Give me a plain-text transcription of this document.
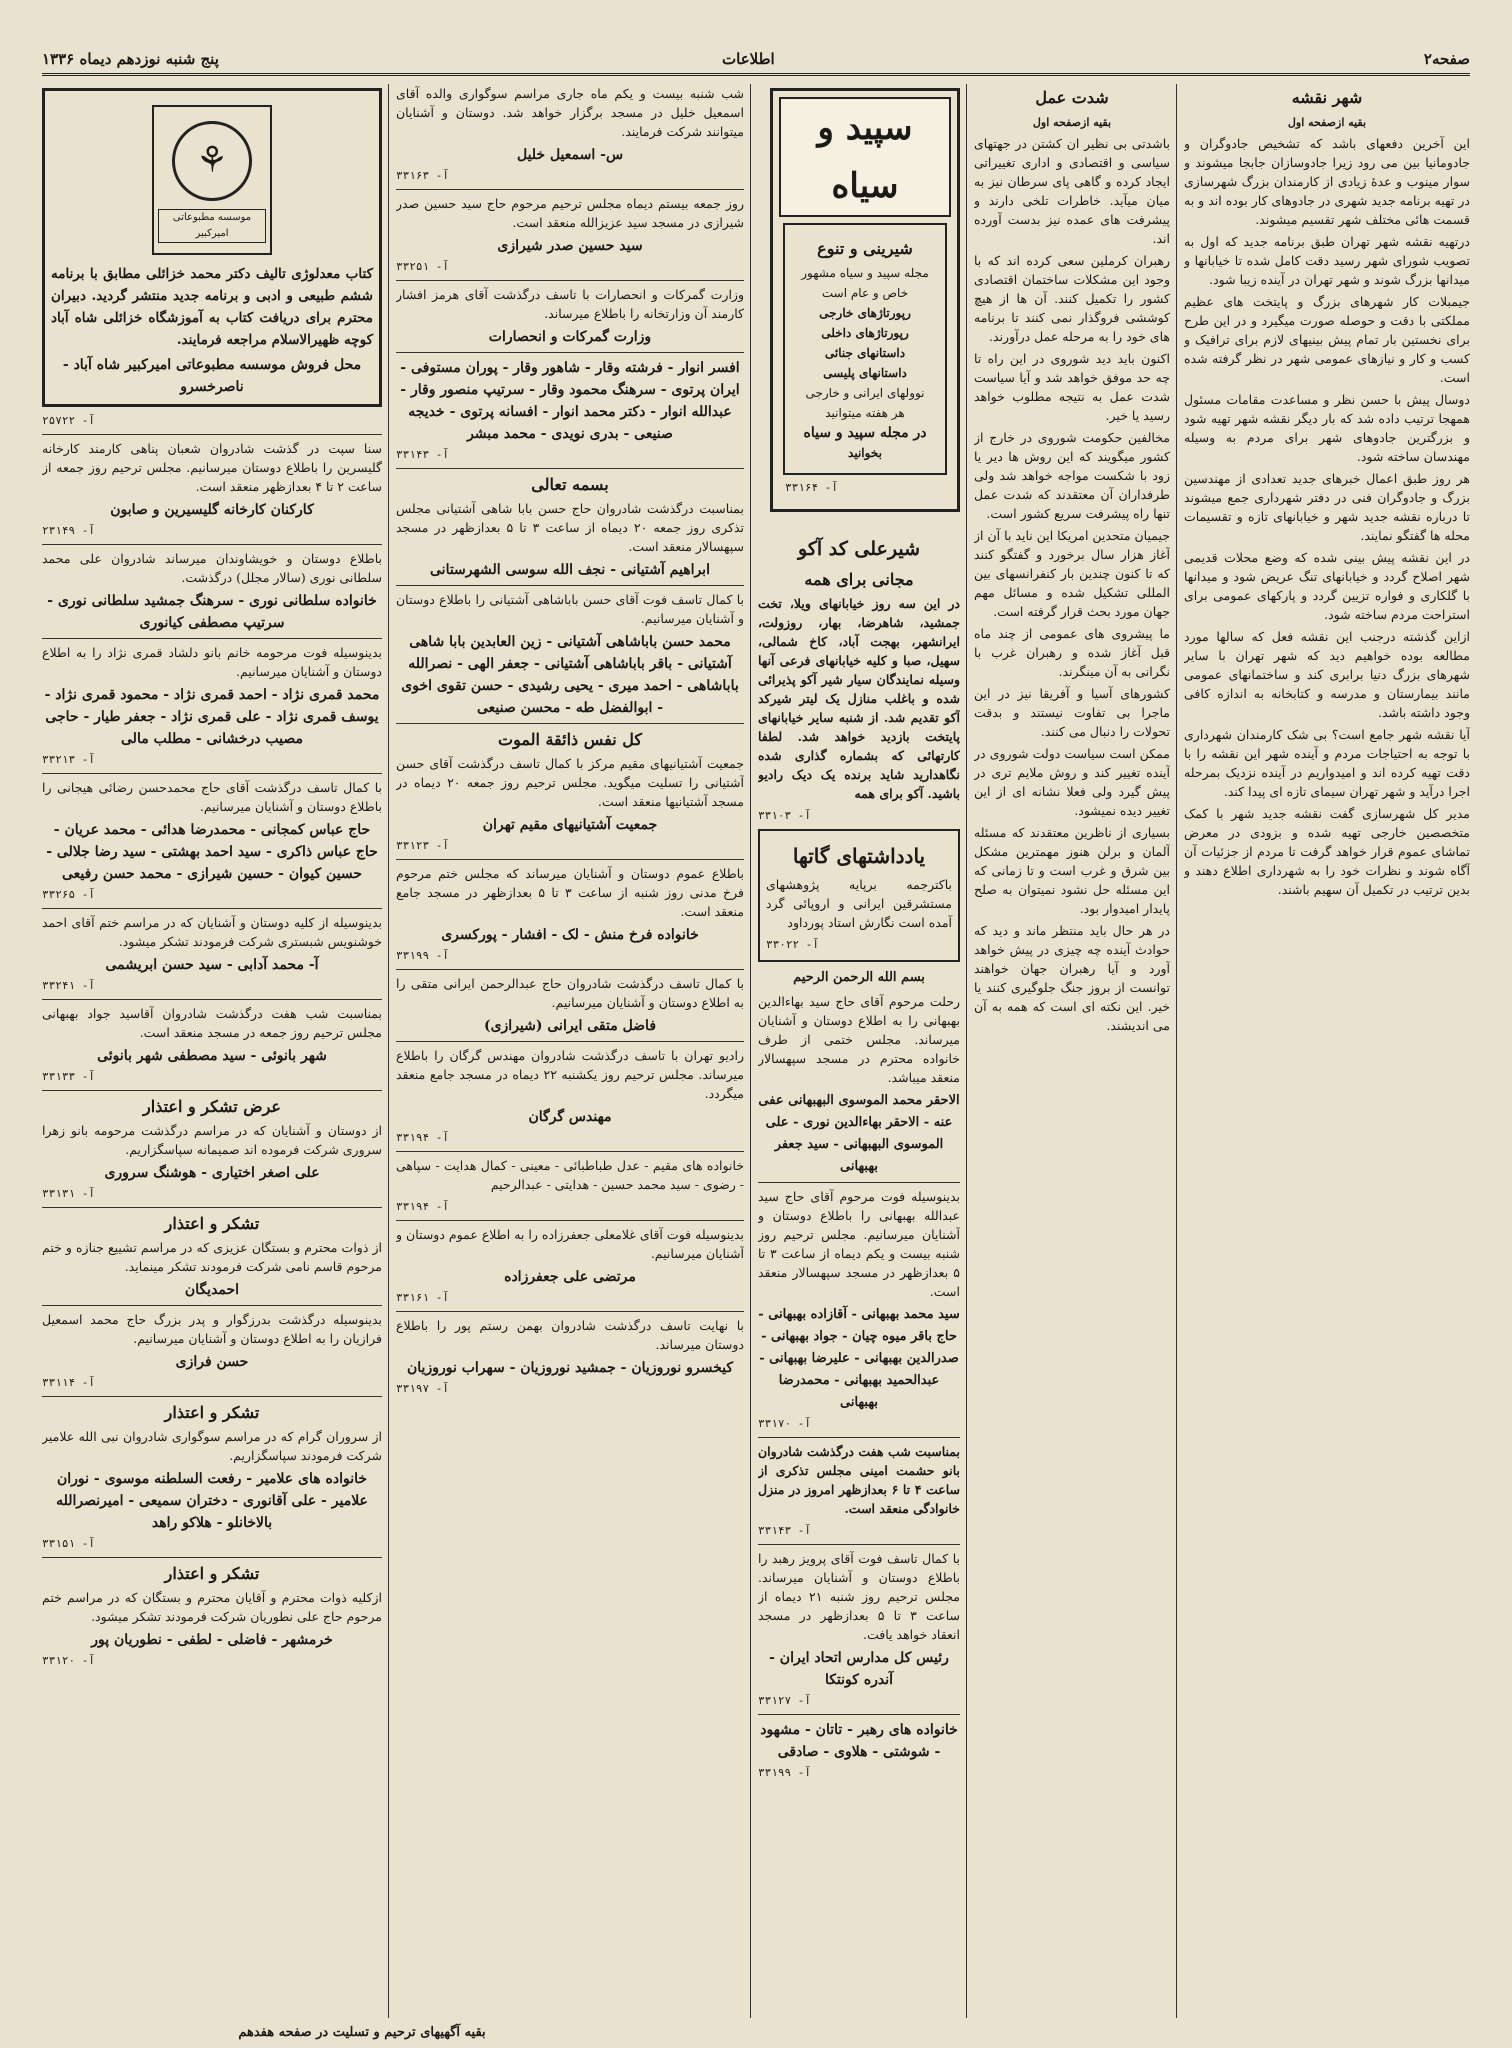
صفحه۲
اطلاعات
پنج شنبه نوزدهم دیماه ۱۳۳۶
شهر نقشه
بقیه ازصفحه اول

این آخرین دفعهای باشد که تشخیص جادوگران و جادومانیا بین می رود زیرا جادوسازان جابجا میشوند و سوار مینوب و عدۀ زیادی از کارمندان بزرگ شهرسازی در تهیه برنامه جدید شهری در جادوهای کار بوده اند و به قسمت هائی مختلف شهر تقسیم میشوند.

درتهیه نقشه شهر تهران طبق برنامه جدید که اول به تصویب شورای شهر رسید دقت کامل شده تا خیابانها و میدانها بزرگ شوند و شهر تهران در آینده زیبا شود.

جیمبلات کار شهرهای بزرگ و پایتخت های عظیم مملکتی با دقت و حوصله صورت میگیرد و در این طرح برای نخستین بار تمام پیش بینیهای لازم برای ترافیک و کسب و کار و نیازهای عمومی شهر در نظر گرفته شده است.

دوسال پیش با حسن نظر و مساعدت مقامات مسئول همهجا ترتیب داده شد که بار دیگر نقشه شهر تهیه شود و بزرگترین جادوهای شهر برای مردم به وسیله مهندسان ساخته شود.

هر روز طبق اعمال خبرهای جدید تعدادی از مهندسین بزرگ و جادوگران فنی در دفتر شهرداری جمع میشوند تا درباره نقشه جدید شهر و خیابانهای تازه و تقسیمات محله ها گفتگو نمایند.

در این نقشه پیش بینی شده که وضع محلات قدیمی شهر اصلاح گردد و خیابانهای تنگ عریض شود و میدانها با گلکاری و فواره تزیین گردد و پارکهای عمومی برای استراحت مردم ساخته شود.

ازاین گذشته درجنب این نقشه فعل که سالها مورد مطالعه بوده خواهیم دید که شهر تهران با سایر شهرهای بزرگ دنیا برابری کند و ساختمانهای عمومی مانند بیمارستان و مدرسه و کتابخانه به اندازه کافی وجود داشته باشد.

آیا نقشه شهر جامع است؟ بی شک کارمندان شهرداری با توجه به احتیاجات مردم و آینده شهر این نقشه را با دقت تهیه کرده اند و امیدواریم در آینده نزدیک بمرحله اجرا درآید و شهر تهران سیمای تازه ای پیدا کند.

مدیر کل شهرسازی گفت نقشه جدید شهر با کمک متخصصین خارجی تهیه شده و بزودی در معرض تماشای عموم قرار خواهد گرفت تا مردم از جزئیات آن آگاه شوند و نظرات خود را به شهرداری اطلاع دهند و بدین ترتیب در تکمیل آن سهیم باشند.

شدت عمل
بقیه ازصفحه اول

باشدتی بی نظیر ان کشتن در جهتهای سیاسی و اقتصادی و اداری تغییراتی ایجاد کرده و گاهی پای سرطان نیز به میان میآید. خاطرات تلخی دارند و پیشرفت های عمده نیز بدست آورده اند.

رهبران کرملین سعی کرده اند که با وجود این مشکلات ساختمان اقتصادی کشور را تکمیل کنند. آن ها از هیچ کوششی فروگذار نمی کنند تا برنامه های خود را به مرحله عمل درآورند.

اکنون باید دید شوروی در این راه تا چه حد موفق خواهد شد و آیا سیاست شدت عمل به نتیجه مطلوب خواهد رسید یا خیر.

مخالفین حکومت شوروی در خارج از کشور میگویند که این روش ها دیر یا زود با شکست مواجه خواهد شد ولی طرفداران آن معتقدند که شدت عمل تنها راه پیشرفت سریع کشور است.

جیمیان متحدین امریکا این ناید با آن از آغاز هزار سال برخورد و گفتگو کنند که تا کنون چندین بار کنفرانسهای بین المللی تشکیل شده و مسائل مهم جهان مورد بحث قرار گرفته است.

ما پیشروی های عمومی از چند ماه قبل آغاز شده و رهبران غرب با نگرانی به آن مینگرند.

کشورهای آسیا و آفریقا نیز در این ماجرا بی تفاوت نیستند و بدقت تحولات را دنبال می کنند.

ممکن است سیاست دولت شوروی در آینده تغییر کند و روش ملایم تری در پیش گیرد ولی فعلا نشانه ای از این تغییر دیده نمیشود.

بسیاری از ناظرین معتقدند که مسئله آلمان و برلن هنوز مهمترین مشکل بین شرق و غرب است و تا زمانی که این مسئله حل نشود نمیتوان به صلح پایدار امیدوار بود.

در هر حال باید منتظر ماند و دید که حوادث آینده چه چیزی در پیش خواهد آورد و آیا رهبران جهان خواهند توانست از بروز جنگ جلوگیری کنند یا خیر. این نکته ای است که همه به آن می اندیشند.

سپید و سیاه
شیرینی و تنوع
مجله سپید و سیاه مشهور خاص و عام است
رپورتاژهای خارجی
رپورتاژهای داخلی
داستانهای جنائی
داستانهای پلیسی
نوولهای ایرانی و خارجی
هر هفته میتوانید
در مجله سپید و سیاه
بخوانید
آ- ۳۳۱۶۴
شیرعلی کد آکو
مجانی برای همه

در این سه روز خیابانهای ویلا، تخت جمشید، شاهرضا، بهار، روزولت، ایرانشهر، بهجت آباد، کاخ شمالی، سهیل، صبا و کلیه خیابانهای فرعی آنها وسیله نمایندگان سیار شیر آکو پذیرائی شده و باغلب منازل یک لیتر شیرکد آکو تقدیم شد. از شنبه سایر خیابانهای پایتخت بازدید خواهد شد. لطفا کارتهائی که بشماره گذاری شده نگاهدارید شاید برنده یک دیک رادیو باشید. آکو برای همه

آ- ۳۳۱۰۳
یادداشتهای گاتها

باکترجمه برپایه پژوهشهای مستشرقین ایرانی و اروپائی گرد آمده است نگارش استاد پورداود

آ- ۳۳۰۲۲
بسم الله الرحمن الرحیم

رحلت مرحوم آقای حاج سید بهاءالدین بهبهانی را به اطلاع دوستان و آشنایان میرساند. مجلس ختمی از طرف خانواده محترم در مسجد سپهسالار منعقد میباشد.

الاحقر محمد الموسوی البهبهانی عفی عنه - الاحقر بهاءالدین نوری - علی الموسوی البهبهانی - سید جعفر بهبهانی

بدینوسیله فوت مرحوم آقای حاج سید عبدالله بهبهانی را باطلاع دوستان و آشنایان میرسانیم. مجلس ترحیم روز شنبه بیست و یکم دیماه از ساعت ۳ تا ۵ بعدازظهر در مسجد سپهسالار منعقد است.

سید محمد بهبهانی - آقازاده بهبهانی - حاج باقر میوه چیان - جواد بهبهانی - صدرالدین بهبهانی - علیرضا بهبهانی - عبدالحمید بهبهانی - محمدرضا بهبهانی
آ- ۳۳۱۷۰

بمناسبت شب هفت درگذشت شادروان بانو حشمت امینی مجلس تذکری از ساعت ۴ تا ۶ بعدازظهر امروز در منزل خانوادگی منعقد است.

آ- ۳۳۱۴۳

با کمال تاسف فوت آقای پرویز رهبد را باطلاع دوستان و آشنایان میرساند. مجلس ترحیم روز شنبه ۲۱ دیماه از ساعت ۳ تا ۵ بعدازظهر در مسجد انعقاد خواهد یافت.

رئیس کل مدارس اتحاد ایران - آندره کونتکا
آ- ۳۳۱۲۷
خانواده های رهبر - تاتان - مشهود - شوشتی - هلاوی - صادقی
آ- ۳۳۱۹۹

شب شنبه بیست و یکم ماه جاری مراسم سوگواری والده آقای اسمعیل خلیل در مسجد برگزار خواهد شد. دوستان و آشنایان میتوانند شرکت فرمایند.

س- اسمعیل خلیل
آ- ۳۳۱۶۳

روز جمعه بیستم دیماه مجلس ترحیم مرحوم حاج سید حسین صدر شیرازی در مسجد سید عزیزالله منعقد است.

سید حسین صدر شیرازی
آ- ۳۳۲۵۱

وزارت گمرکات و انحصارات با تاسف درگذشت آقای هرمز افشار کارمند آن وزارتخانه را باطلاع میرساند.

وزارت گمرکات و انحصارات
افسر انوار - فرشته وقار - شاهور وقار - پوران مستوفی - ایران پرتوی - سرهنگ محمود وقار - سرتیپ منصور وقار - عبدالله انوار - دکتر محمد انوار - افسانه پرتوی - خدیجه صنیعی - بدری نویدی - محمد مبشر
آ- ۳۳۱۴۳
بسمه تعالی

بمناسبت درگذشت شادروان حاج حسن بابا شاهی آشتیانی مجلس تذکری روز جمعه ۲۰ دیماه از ساعت ۳ تا ۵ بعدازظهر در مسجد سپهسالار منعقد است.

ابراهیم آشتیانی - نجف الله سوسی الشهرستانی

با کمال تاسف فوت آقای حسن باباشاهی آشتیانی را باطلاع دوستان و آشنایان میرسانیم.

محمد حسن باباشاهی آشتیانی - زین العابدین بابا شاهی آشتیانی - باقر باباشاهی آشتیانی - جعفر الهی - نصرالله باباشاهی - احمد میری - یحیی رشیدی - حسن تقوی اخوی - ابوالفضل طه - محسن صنیعی
کل نفس ذائقة الموت

جمعیت آشتیانیهای مقیم مرکز با کمال تاسف درگذشت آقای حسن آشتیانی را تسلیت میگوید. مجلس ترحیم روز جمعه ۲۰ دیماه در مسجد آشتیانیها منعقد است.

جمعیت آشتیانیهای مقیم تهران
آ- ۳۳۱۲۳

باطلاع عموم دوستان و آشنایان میرساند که مجلس ختم مرحوم فرخ مدنی روز شنبه از ساعت ۳ تا ۵ بعدازظهر در مسجد جامع منعقد است.

خانواده فرخ منش - لک - افشار - پورکسری
آ- ۳۳۱۹۹

با کمال تاسف درگذشت شادروان حاج عبدالرحمن ایرانی متقی را به اطلاع دوستان و آشنایان میرسانیم.

فاضل متقی ایرانی (شیرازی)

رادیو تهران با تاسف درگذشت شادروان مهندس گرگان را باطلاع میرساند. مجلس ترحیم روز یکشنبه ۲۲ دیماه در مسجد جامع منعقد میگردد.

مهندس گرگان
آ- ۳۳۱۹۴

خانواده های مقیم - عدل طباطبائی - معینی - کمال هدایت - سپاهی - رضوی - سید محمد حسین - هدایتی - عبدالرحیم

آ- ۳۳۱۹۴

بدینوسیله فوت آقای غلامعلی جعفرزاده را به اطلاع عموم دوستان و آشنایان میرسانیم.

مرتضی علی جعفرزاده
آ- ۳۳۱۶۱

با نهایت تاسف درگذشت شادروان بهمن رستم پور را باطلاع دوستان میرساند.

کیخسرو نوروزیان - جمشید نوروزیان - سهراب نوروزیان
آ- ۳۳۱۹۷
⚘
موسسه مطبوعاتی امیرکبیر

کتاب معدلوژی تالیف دکتر محمد خزائلی مطابق با برنامه ششم طبیعی و ادبی و برنامه جدید منتشر گردید. دبیران محترم برای دریافت کتاب به آموزشگاه خزائلی شاه آباد کوچه ظهیرالاسلام مراجعه فرمایند.

محل فروش موسسه مطبوعاتی امیرکبیر شاه آباد - ناصرخسرو
آ- ۲۵۷۲۲

سنا سپت در گذشت شادروان شعبان پناهی کارمند کارخانه گلیسرین را باطلاع دوستان میرسانیم. مجلس ترحیم روز جمعه از ساعت ۲ تا ۴ بعدازظهر منعقد است.

کارکنان کارخانه گلیسیرین و صابون
آ- ۲۳۱۴۹

باطلاع دوستان و خویشاوندان میرساند شادروان علی محمد سلطانی نوری (سالار مجلل) درگذشت.

خانواده سلطانی نوری - سرهنگ جمشید سلطانی نوری - سرتیپ مصطفی کیانوری

بدینوسیله فوت مرحومه خانم بانو دلشاد قمری نژاد را به اطلاع دوستان و آشنایان میرسانیم.

محمد قمری نژاد - احمد قمری نژاد - محمود قمری نژاد - یوسف قمری نژاد - علی قمری نژاد - جعفر طیار - حاجی مصیب درخشانی - مطلب مالی
آ- ۳۳۲۱۳

با کمال تاسف درگذشت آقای حاج محمدحسن رضائی هیجانی را باطلاع دوستان و آشنایان میرسانیم.

حاج عباس کمجانی - محمدرضا هدائی - محمد عریان - حاج عباس ذاکری - سید احمد بهشتی - سید رضا جلالی - حسین کیوان - حسین شیرازی - محمد حسن رفیعی
آ- ۳۳۲۶۵

بدینوسیله از کلیه دوستان و آشنایان که در مراسم ختم آقای احمد خوشنویس شبستری شرکت فرمودند تشکر میشود.

آ- محمد آدابی - سید حسن ابریشمی
آ- ۳۳۲۴۱

بمناسبت شب هفت درگذشت شادروان آقاسید جواد بهبهانی مجلس ترحیم روز جمعه در مسجد منعقد است.

شهر بانوئی - سید مصطفی شهر بانوئی
آ- ۳۳۱۳۳
عرض تشکر و اعتذار

از دوستان و آشنایان که در مراسم درگذشت مرحومه بانو زهرا سروری شرکت فرموده اند صمیمانه سپاسگزاریم.

علی اصغر اختیاری - هوشنگ سروری
آ- ۳۳۱۳۱
تشکر و اعتذار

از ذوات محترم و بستگان عزیزی که در مراسم تشییع جنازه و ختم مرحوم قاسم نامی شرکت فرمودند تشکر مینماید.

احمدیگان

بدینوسیله درگذشت بدرزگوار و پدر بزرگ حاج محمد اسمعیل فرازیان را به اطلاع دوستان و آشنایان میرسانیم.

حسن فرازی
آ- ۳۳۱۱۴
تشکر و اعتذار

از سروران گرام که در مراسم سوگواری شادروان نبی الله علامیر شرکت فرمودند سپاسگزاریم.

خانواده های علامیر - رفعت السلطنه موسوی - نوران علامیر - علی آقانوری - دختران سمیعی - امیرنصرالله بالاخانلو - هلاکو راهد
آ- ۳۳۱۵۱
تشکر و اعتذار

ازکلیه ذوات محترم و آقایان محترم و بستگان که در مراسم ختم مرحوم حاج علی نطوریان شرکت فرمودند تشکر میشود.

خرمشهر - فاضلی - لطفی - نطوریان پور
آ- ۳۳۱۲۰
بقیه آگهیهای ترحیم و تسلیت در صفحه هفدهم
